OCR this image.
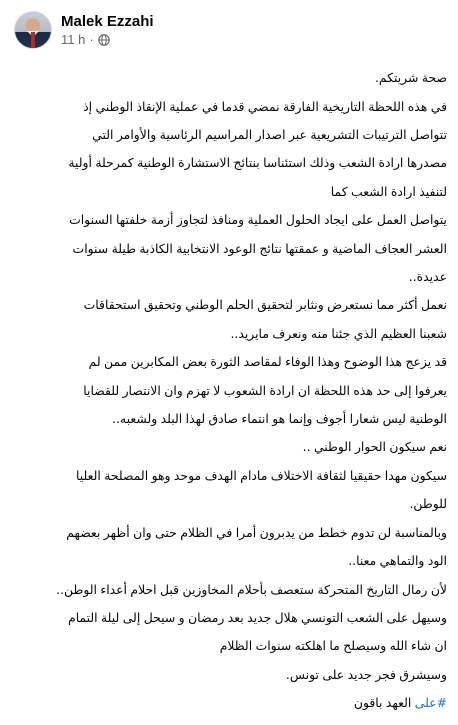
Malek Ezzahi
11 h ·

صحة شريتكم.

في هذه اللحظة التاريخية الفارقة نمضي قدما في عملية الإنقاذ الوطني إذ

تتواصل الترتيبات التشريعية عبر اصدار المراسيم الرئاسية والأوامر التي

مصدرها ارادة الشعب وذلك استئناسا بنتائج الاستشارة الوطنية كمرحلة أولية

لتنفيذ ارادة الشعب كما

يتواصل العمل على ايجاد الحلول العملية ومنافذ لتجاوز أزمة خلفتها السنوات

العشر العجاف الماضية و عمقتها نتائج الوعود الانتخابية الكاذبة طيلة سنوات

عديدة..

نعمل أكثر مما نستعرض ونثابر لتحقيق الحلم الوطني وتحقيق استحقاقات

شعبنا العظيم الذي جئنا منه ونعرف مايريد..

قد يزعج هذا الوضوح وهذا الوفاء لمقاصد الثورة بعض المكابرين ممن لم

يعرفوا إلى حد هذه اللحظة ان ارادة الشعوب لا تهزم وان الانتصار للقضايا

الوطنية ليس شعارا أجوف وإنما هو انتماء صادق لهذا البلد ولشعبه..

نعم سيكون الحوار الوطني ..

سيكون مهدا حقيقيا لثقافة الاختلاف مادام الهدف موحد وهو المصلحة العليا

للوطن.

وبالمناسبة لن تدوم خطط من يدبرون أمرا في الظلام حتى وان أظهر بعضهم

الود والتماهي معنا..

لأن رمال التاريخ المتحركة ستعصف بأحلام المخاوزين قبل احلام أعداء الوطن..

وسيهل على الشعب التونسي هلال جديد بعد رمضان و سيحل إلى ليلة التمام

ان شاء الله وسيصلح ما اهلكته سنوات الظلام

وسيشرق فجر جديد على تونس.

#على العهد باقون
